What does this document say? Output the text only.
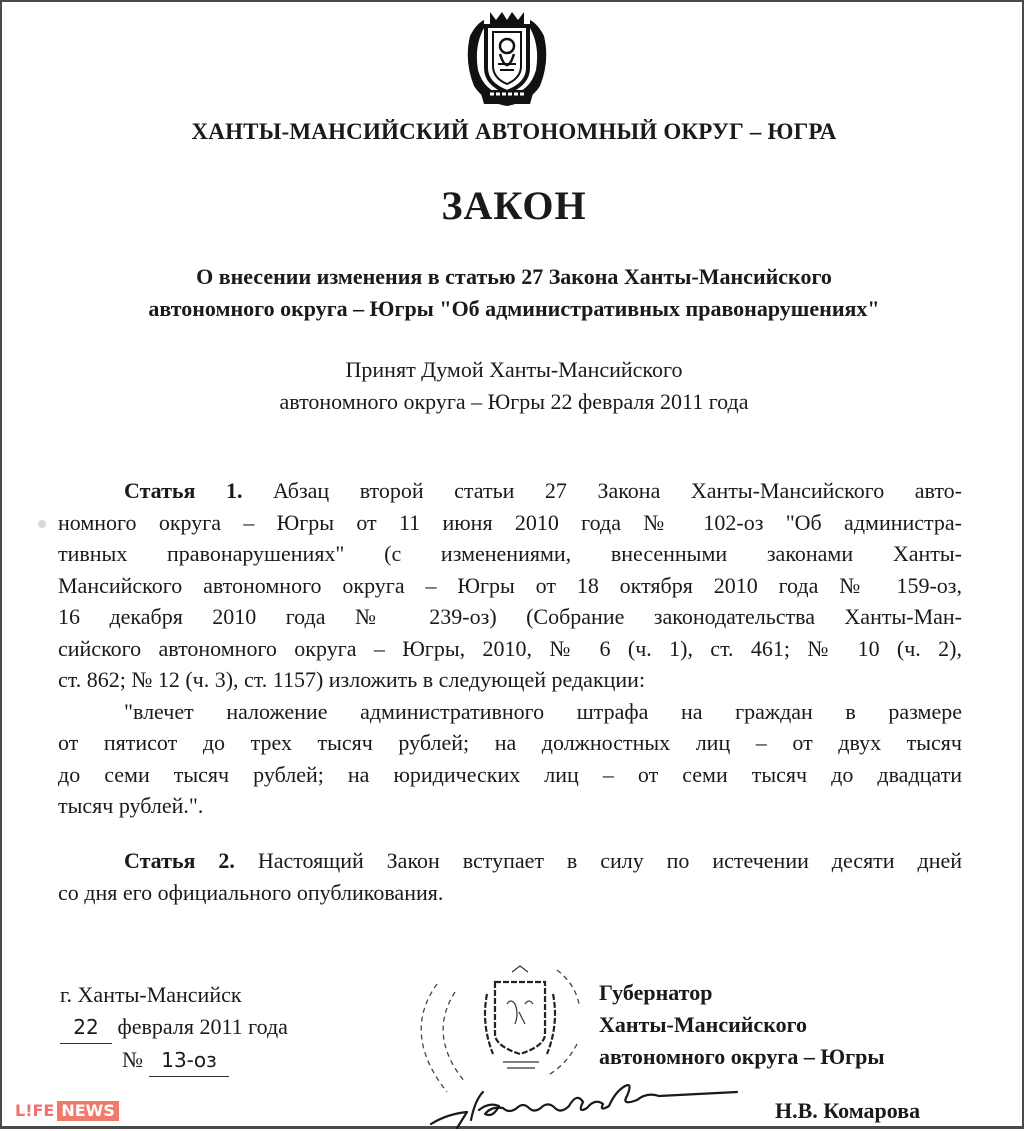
ХАНТЫ-МАНСИЙСКИЙ АВТОНОМНЫЙ ОКРУГ – ЮГРА
ЗАКОН
О внесении изменения в статью 27 Закона Ханты-Мансийского
автономного округа – Югры "Об административных правонарушениях"
Принят Думой Ханты-Мансийского
автономного округа – Югры 22 февраля 2011 года
Статья 1. Абзац второй статьи 27 Закона Ханты-Мансийского авто-
номного округа – Югры от 11 июня 2010 года № 102-оз "Об администра-
тивных правонарушениях" (с изменениями, внесенными законами Ханты-
Мансийского автономного округа – Югры от 18 октября 2010 года № 159-оз,
16 декабря 2010 года № 239-оз) (Собрание законодательства Ханты-Ман-
сийского автономного округа – Югры, 2010, № 6 (ч. 1), ст. 461; № 10 (ч. 2),
ст. 862; № 12 (ч. 3), ст. 1157) изложить в следующей редакции:
"влечет наложение административного штрафа на граждан в размере
от пятисот до трех тысяч рублей; на должностных лиц – от двух тысяч
до семи тысяч рублей; на юридических лиц – от семи тысяч до двадцати
тысяч рублей.".
Статья 2. Настоящий Закон вступает в силу по истечении десяти дней
со дня его официального опубликования.
г. Ханты-Мансийск
22 февраля 2011 года
№ 13-оз
Губернатор
Ханты-Мансийского
автономного округа – Югры
Н.В. Комарова
L!FE NEWS
